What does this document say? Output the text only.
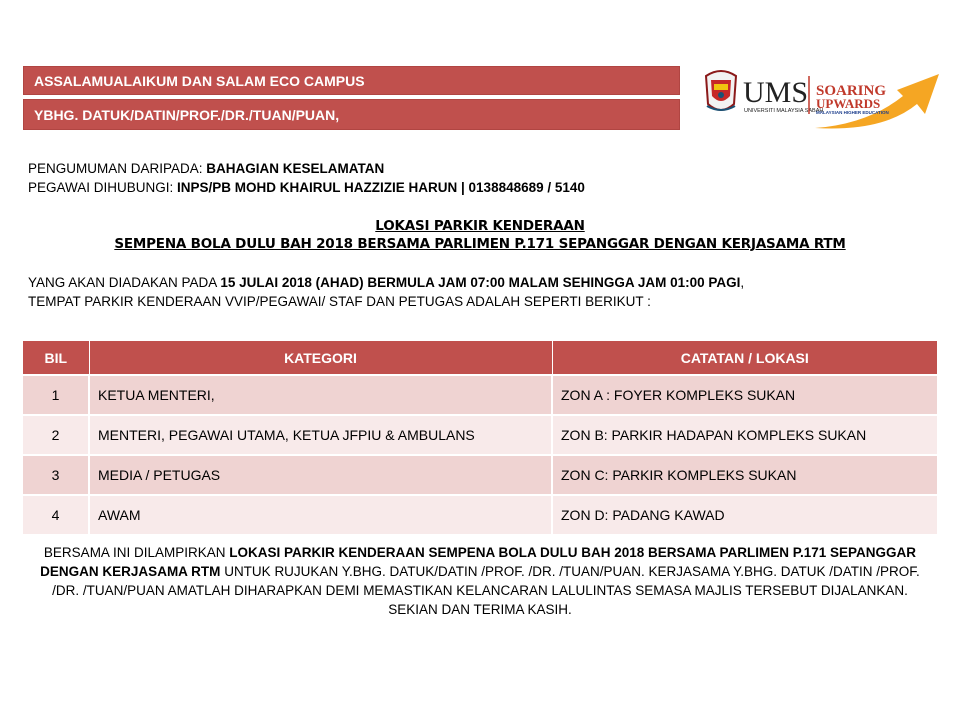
ASSALAMUALAIKUM DAN SALAM ECO CAMPUS
YBHG. DATUK/DATIN/PROF./DR./TUAN/PUAN,
UMS
UNIVERSITI MALAYSIA SABAH
SOARING
UPWARDS
MALAYSIAN HIGHER EDUCATION
PENGUMUMAN DARIPADA: BAHAGIAN KESELAMATAN
PEGAWAI DIHUBUNGI: INPS/PB MOHD KHAIRUL HAZZIZIE HARUN | 0138848689 / 5140
LOKASI PARKIR KENDERAAN
SEMPENA BOLA DULU BAH 2018 BERSAMA PARLIMEN P.171 SEPANGGAR DENGAN KERJASAMA RTM
YANG AKAN DIADAKAN PADA 15 JULAI 2018 (AHAD) BERMULA JAM 07:00 MALAM SEHINGGA JAM 01:00 PAGI,
TEMPAT PARKIR KENDERAAN VVIP/PEGAWAI/ STAF DAN PETUGAS ADALAH SEPERTI BERIKUT :
BIL	KATEGORI	CATATAN / LOKASI
1	KETUA MENTERI,	ZON A : FOYER KOMPLEKS SUKAN
2	MENTERI, PEGAWAI UTAMA, KETUA JFPIU & AMBULANS	ZON B: PARKIR HADAPAN KOMPLEKS SUKAN
3	MEDIA / PETUGAS	ZON C: PARKIR KOMPLEKS SUKAN
4	AWAM	ZON D: PADANG KAWAD
BERSAMA INI DILAMPIRKAN LOKASI PARKIR KENDERAAN SEMPENA BOLA DULU BAH 2018 BERSAMA PARLIMEN P.171 SEPANGGAR DENGAN KERJASAMA RTM UNTUK RUJUKAN Y.BHG. DATUK/DATIN /PROF. /DR. /TUAN/PUAN. KERJASAMA Y.BHG. DATUK /DATIN /PROF. /DR. /TUAN/PUAN AMATLAH DIHARAPKAN DEMI MEMASTIKAN KELANCARAN LALULINTAS SEMASA MAJLIS TERSEBUT DIJALANKAN.
SEKIAN DAN TERIMA KASIH.
